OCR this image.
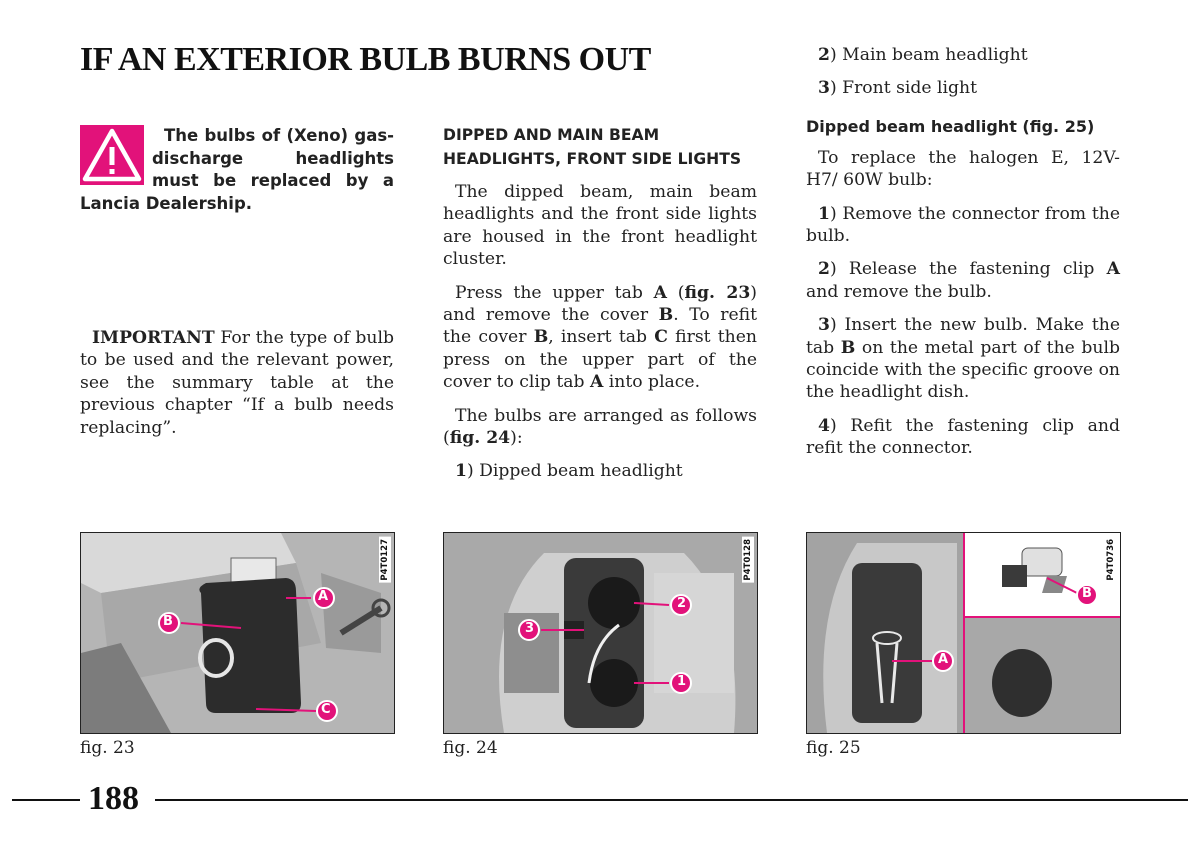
IF AN EXTERIOR BULB BURNS OUT

The bulbs of (Xeno) gas-discharge headlights must be replaced by a Lancia Dealership.

IMPORTANT For the type of bulb to be used and the relevant power, see the summary table at the previous chapter “If a bulb needs replacing”.

DIPPED AND MAIN BEAM HEADLIGHTS, FRONT SIDE LIGHTS

The dipped beam, main beam headlights and the front side lights are housed in the front headlight cluster.

Press the upper tab A (fig. 23) and remove the cover B. To refit the cover B, insert tab C first then press on the upper part of the cover to clip tab A into place.

The bulbs are arranged as follows (fig. 24):

1) Dipped beam headlight

2) Main beam headlight

3) Front side light

Dipped beam headlight (fig. 25)

To replace the halogen E, 12V- H7/ 60W bulb:

1) Remove the connector from the bulb.

2) Release the fastening clip A and remove the bulb.

3) Insert the new bulb. Make the tab B on the metal part of the bulb coincide with the specific groove on the headlight dish.

4) Refit the fastening clip and refit the connector.

A
B
C
P4T0127
fig. 23
2
3
1
P4T0128
fig. 24
B
A
P4T0736
fig. 25
188
